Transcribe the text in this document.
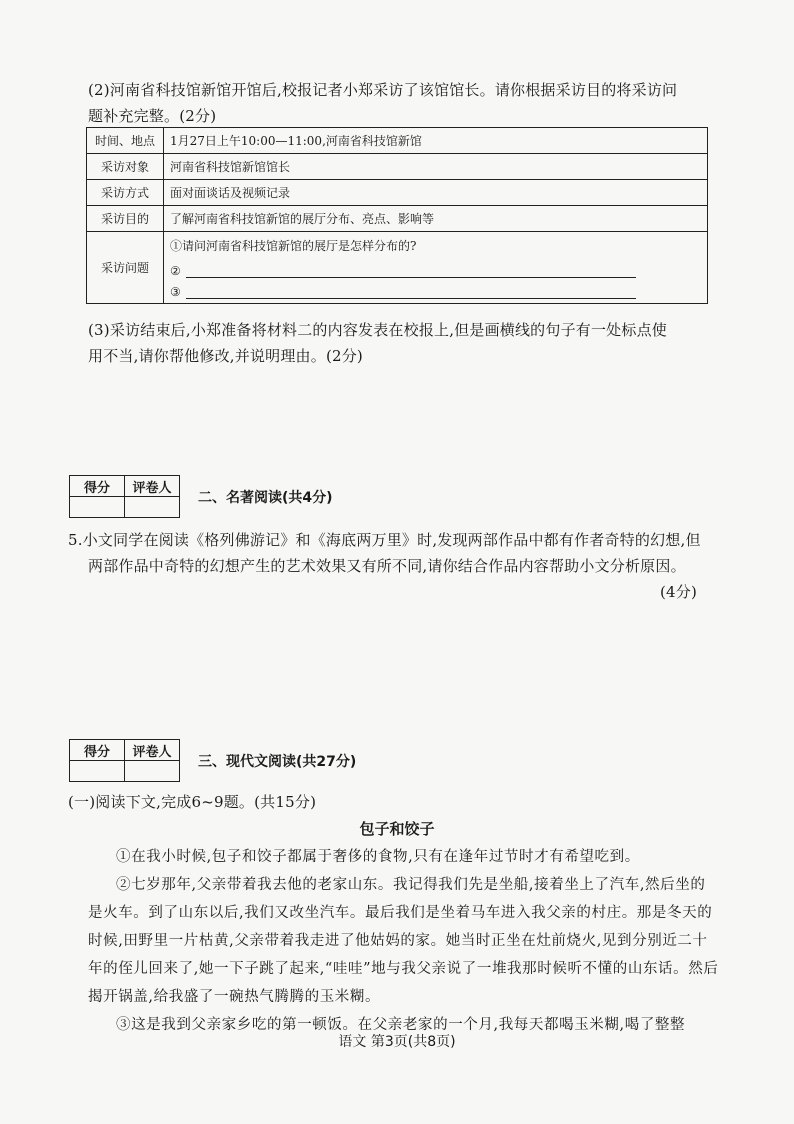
(2)河南省科技馆新馆开馆后,校报记者小郑采访了该馆馆长。请你根据采访目的将采访问
题补充完整。(2分)
时间、地点	1月27日上午10:00—11:00,河南省科技馆新馆
采访对象	河南省科技馆新馆馆长
采访方式	面对面谈话及视频记录
采访目的	了解河南省科技馆新馆的展厅分布、亮点、影响等
采访问题	①请问河南省科技馆新馆的展厅是怎样分布的?
②
③
(3)采访结束后,小郑准备将材料二的内容发表在校报上,但是画横线的句子有一处标点使
用不当,请你帮他修改,并说明理由。(2分)
得分	评卷人

二、名著阅读(共4分)
5.小文同学在阅读《格列佛游记》和《海底两万里》时,发现两部作品中都有作者奇特的幻想,但
两部作品中奇特的幻想产生的艺术效果又有所不同,请你结合作品内容帮助小文分析原因。
(4分)
得分	评卷人

三、现代文阅读(共27分)
(一)阅读下文,完成6~9题。(共15分)
包子和饺子
①在我小时候,包子和饺子都属于奢侈的食物,只有在逢年过节时才有希望吃到。
②七岁那年,父亲带着我去他的老家山东。我记得我们先是坐船,接着坐上了汽车,然后坐的是火车。到了山东以后,我们又改坐汽车。最后我们是坐着马车进入我父亲的村庄。那是冬天的时候,田野里一片枯黄,父亲带着我走进了他姑妈的家。她当时正坐在灶前烧火,见到分别近二十年的侄儿回来了,她一下子跳了起来,“哇哇”地与我父亲说了一堆我那时候听不懂的山东话。然后揭开锅盖,给我盛了一碗热气腾腾的玉米糊。
③这是我到父亲家乡吃的第一顿饭。在父亲老家的一个月,我每天都喝玉米糊,喝了整整
语文 第3页(共8页)
